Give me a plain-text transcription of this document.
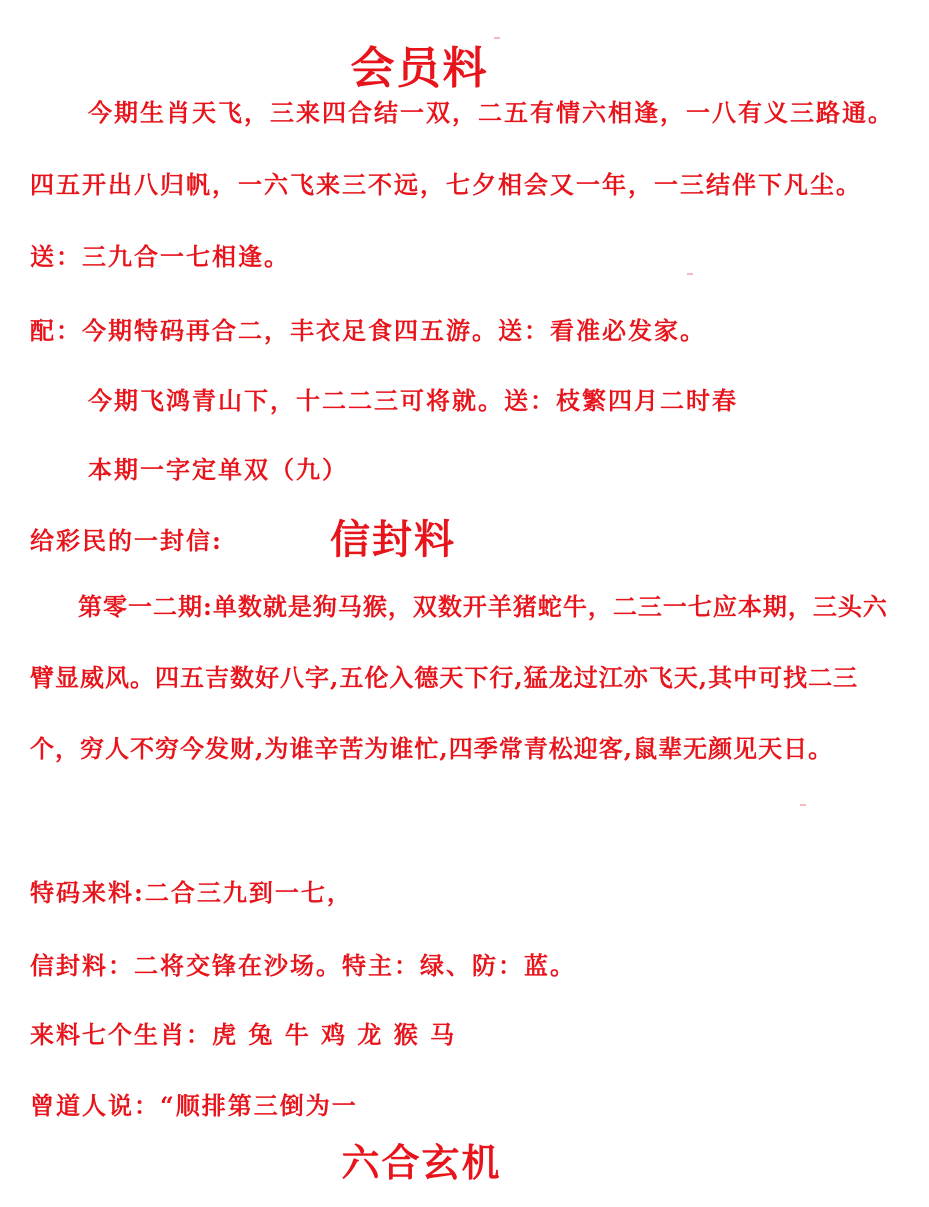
会员料
今期生肖天飞，三来四合结一双，二五有情六相逢，一八有义三路通。四五开出八归帆，一六飞来三不远，七夕相会又一年，一三结伴下凡尘。送：三九合一七相逢。
配：今期特码再合二，丰衣足食四五游。送：看准必发家。
今期飞鸿青山下，十二二三可将就。送：枝繁四月二时春
本期一字定单双（九）
给彩民的一封信:	信封料
第零一二期:单数就是狗马猴，双数开羊猪蛇牛，二三一七应本期，三头六臂显威风。四五吉数好八字,五伦入德天下行,猛龙过江亦飞天,其中可找二三个，穷人不穷今发财,为谁辛苦为谁忙,四季常青松迎客,鼠辈无颜见天日。
特码来料:二合三九到一七，
信封料：二将交锋在沙场。特主：绿、防：蓝。
来料七个生肖：虎 兔 牛 鸡 龙 猴 马
曾道人说：“顺排第三倒为一
六合玄机
